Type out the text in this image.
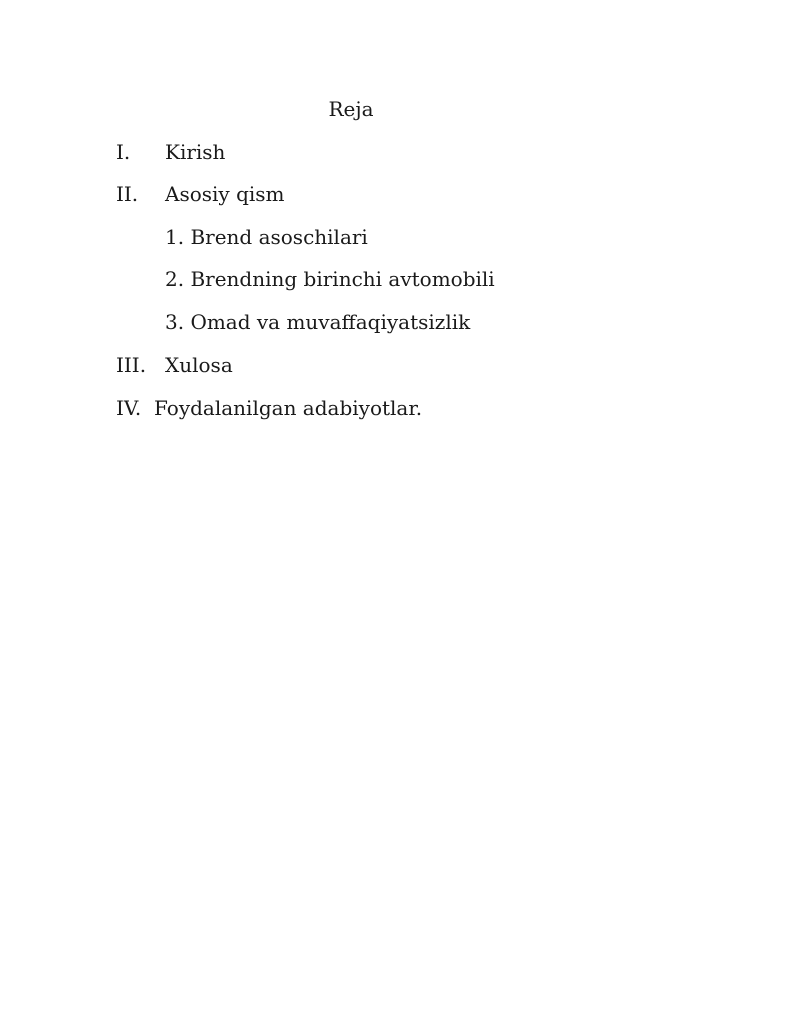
Reja
I. Kirish
II. Asosiy qism
1. Brend asoschilari
2. Brendning birinchi avtomobili
3. Omad va muvaffaqiyatsizlik
III. Xulosa
IV. Foydalanilgan adabiyotlar.
